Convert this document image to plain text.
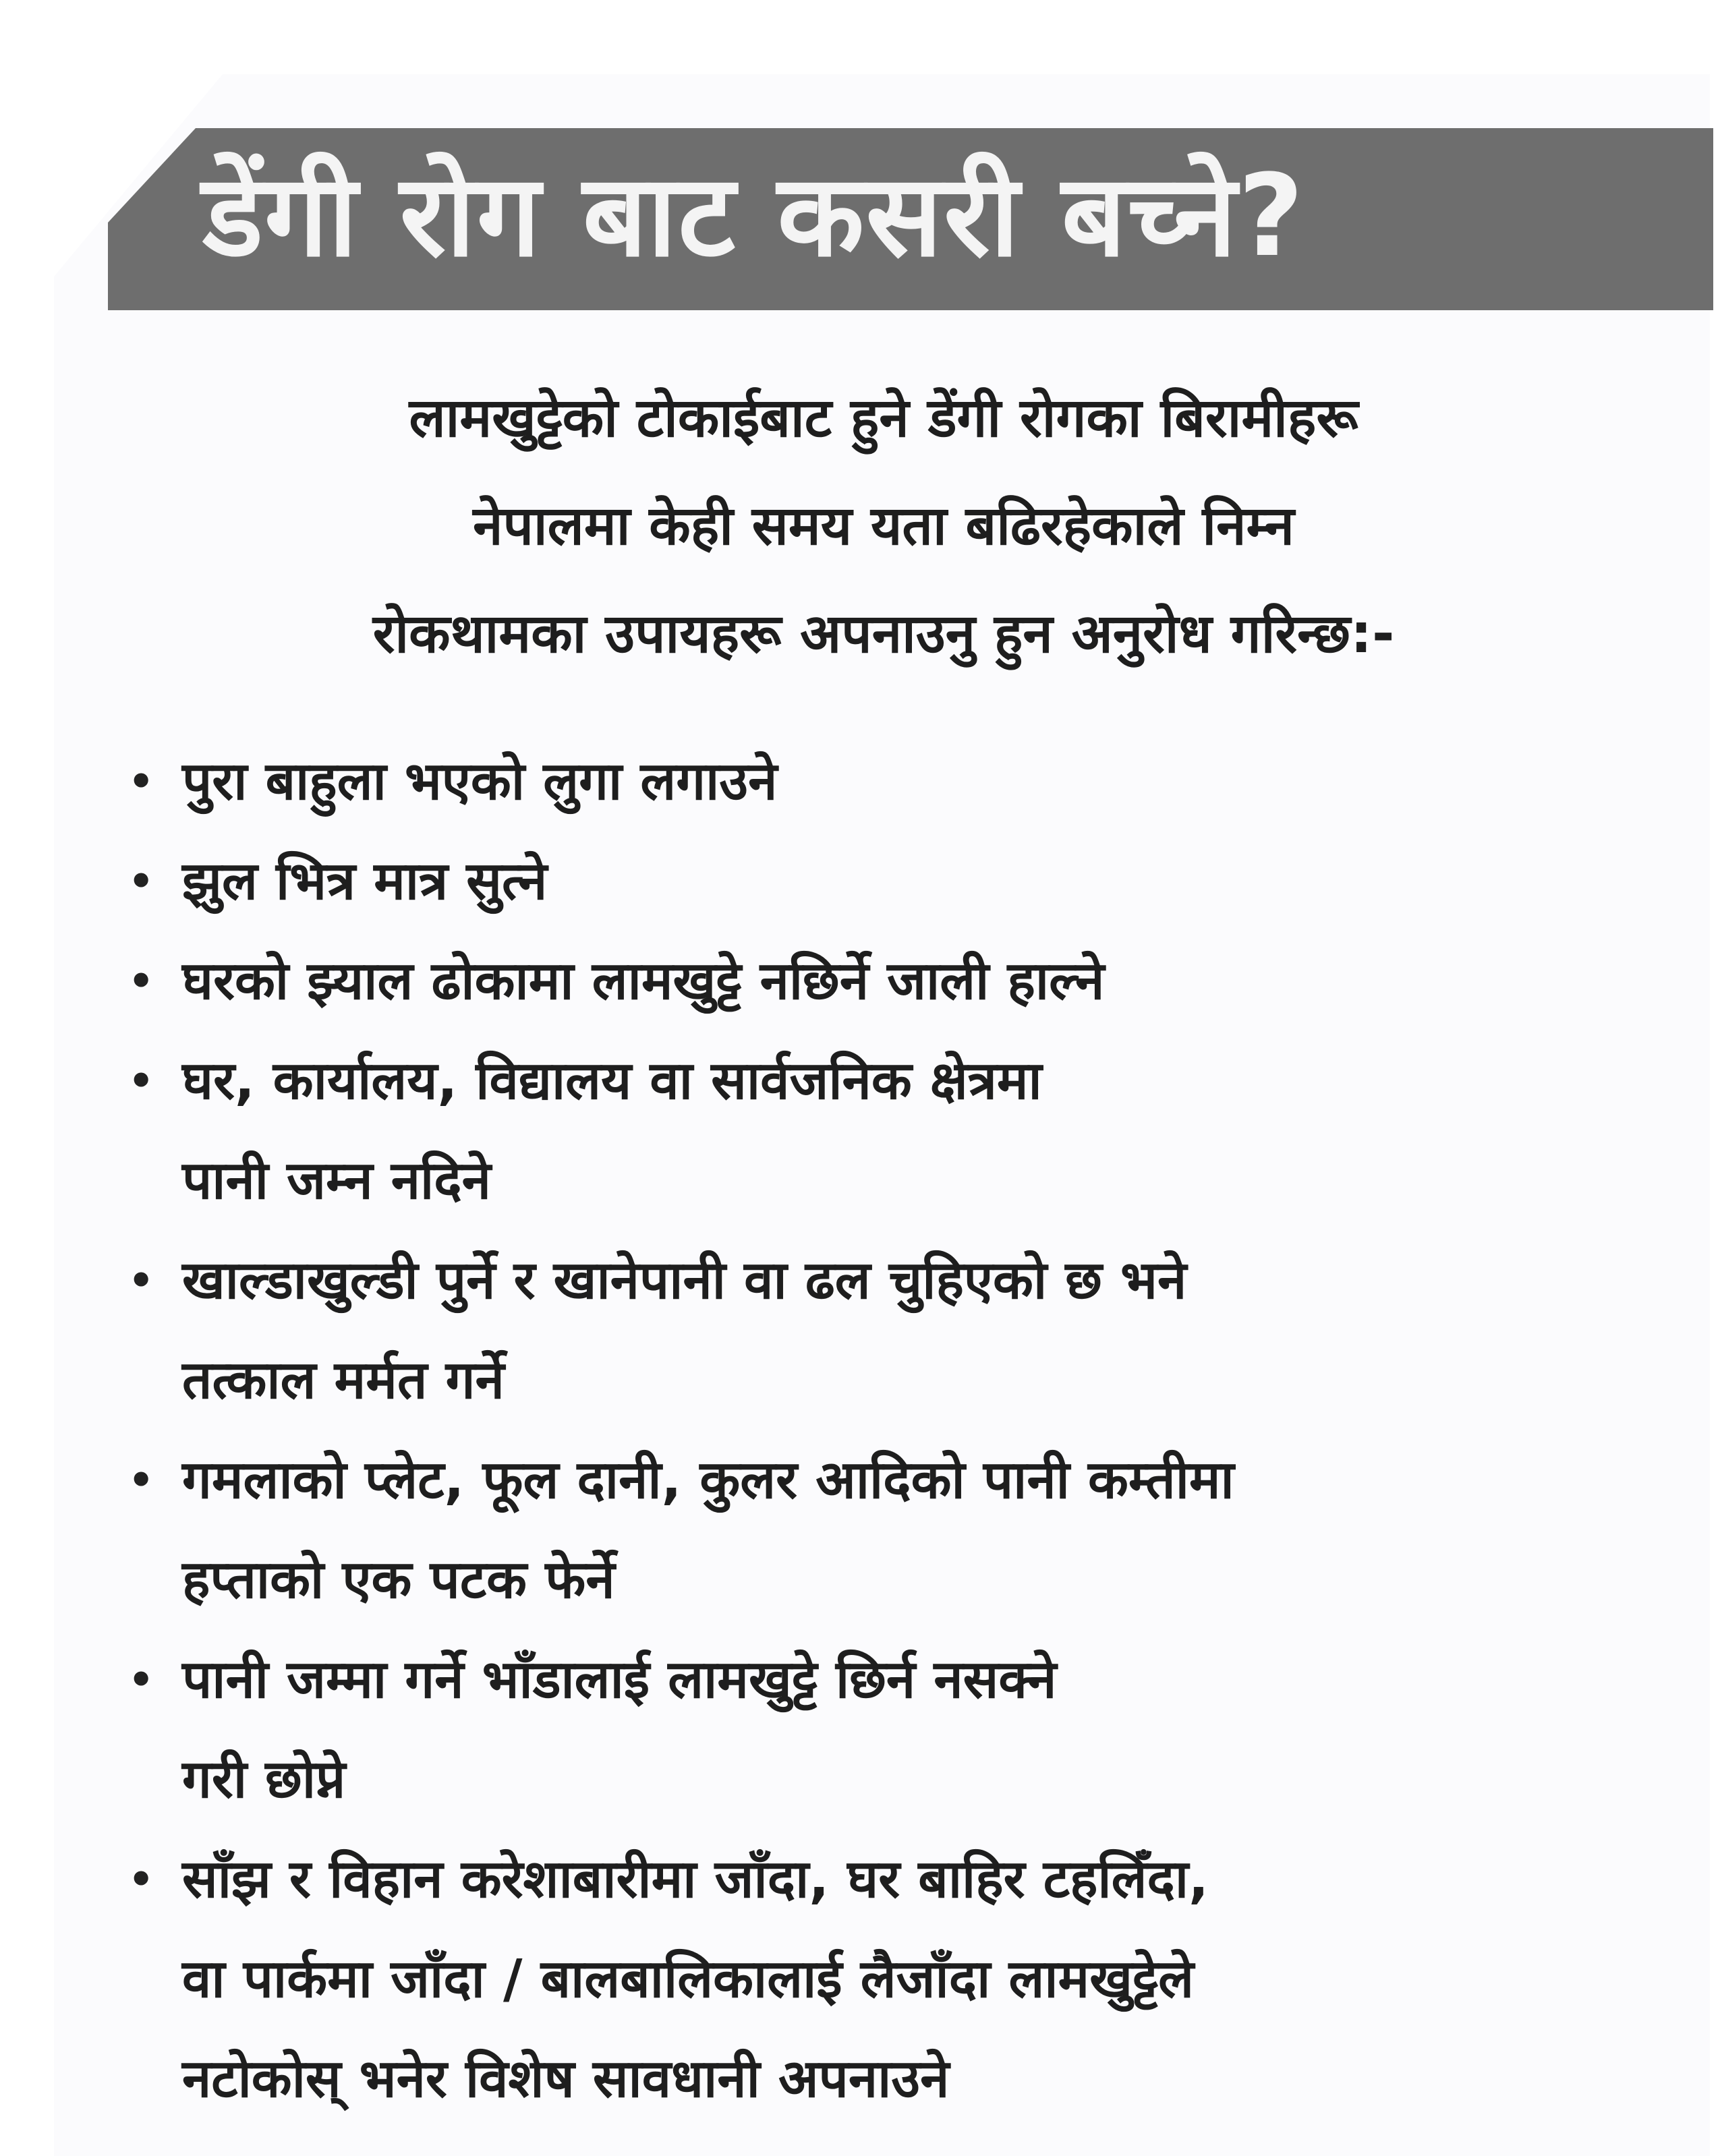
डेंगी रोग बाट कसरी बच्ने?
लामखुट्टेको टोकाईबाट हुने डेंगी रोगका बिरामीहरू
नेपालमा केही समय यता बढिरहेकाले निम्न
रोकथामका उपायहरू अपनाउनु हुन अनुरोध गरिन्छ:-
• पुरा बाहुला भएको लुगा लगाउने
• झुल भित्र मात्र सुत्ने
• घरको झ्याल ढोकामा लामखुट्टे नछिर्ने जाली हाल्ने
• घर, कार्यालय, विद्यालय वा सार्वजनिक क्षेत्रमा
पानी जम्न नदिने
• खाल्डाखुल्डी पुर्ने र खानेपानी वा ढल चुहिएको छ भने
तत्काल मर्मत गर्ने
• गमलाको प्लेट, फूल दानी, कुलर आदिको पानी कम्तीमा
हप्ताको एक पटक फेर्ने
• पानी जम्मा गर्ने भाँडालाई लामखुट्टे छिर्न नसक्ने
गरी छोप्ने
• साँझ र विहान करेशाबारीमा जाँदा, घर बाहिर टहलिँदा,
वा पार्कमा जाँदा / बालबालिकालाई लैजाँदा लामखुट्टेले
नटोकोस् भनेर विशेष सावधानी अपनाउने
